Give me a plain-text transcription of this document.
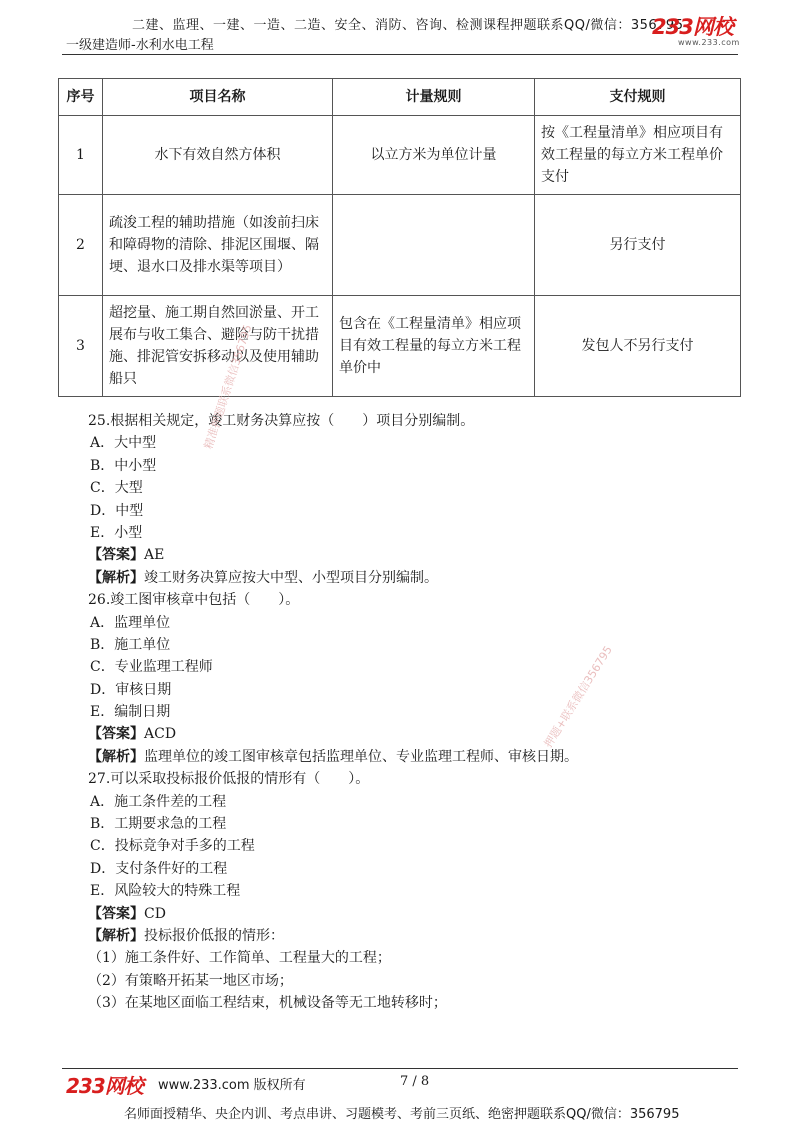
二建、监理、一建、一造、二造、安全、消防、咨询、检测课程押题联系QQ/微信：356795
一级建造师-水利水电工程
233网校
www.233.com
序号	项目名称	计量规则	支付规则
1	水下有效自然方体积	以立方米为单位计量	按《工程量清单》相应项目有效工程量的每立方米工程单价支付
2	疏浚工程的辅助措施（如浚前扫床和障碍物的清除、排泥区围堰、隔埂、退水口及排水渠等项目）		另行支付
3	超挖量、施工期自然回淤量、开工展布与收工集合、避险与防干扰措施、排泥管安拆移动以及使用辅助船只	包含在《工程量清单》相应项目有效工程量的每立方米工程单价中	发包人不另行支付
25.根据相关规定，竣工财务决算应按（　　）项目分别编制。
A．大中型
B．中小型
C．大型
D．中型
E．小型
【答案】AE
【解析】竣工财务决算应按大中型、小型项目分别编制。
26.竣工图审核章中包括（　　）。
A．监理单位
B．施工单位
C．专业监理工程师
D．审核日期
E．编制日期
【答案】ACD
【解析】监理单位的竣工图审核章包括监理单位、专业监理工程师、审核日期。
27.可以采取投标报价低报的情形有（　　）。
A．施工条件差的工程
B．工期要求急的工程
C．投标竞争对手多的工程
D．支付条件好的工程
E．风险较大的特殊工程
【答案】CD
【解析】投标报价低报的情形：
（1）施工条件好、工作简单、工程量大的工程；
（2）有策略开拓某一地区市场；
（3）在某地区面临工程结束，机械设备等无工地转移时；
精准押题联系微信356795
押题+联系微信356795
233网校 www.233.com 版权所有	7 / 8
名师面授精华、央企内训、考点串讲、习题模考、考前三页纸、绝密押题联系QQ/微信：356795
